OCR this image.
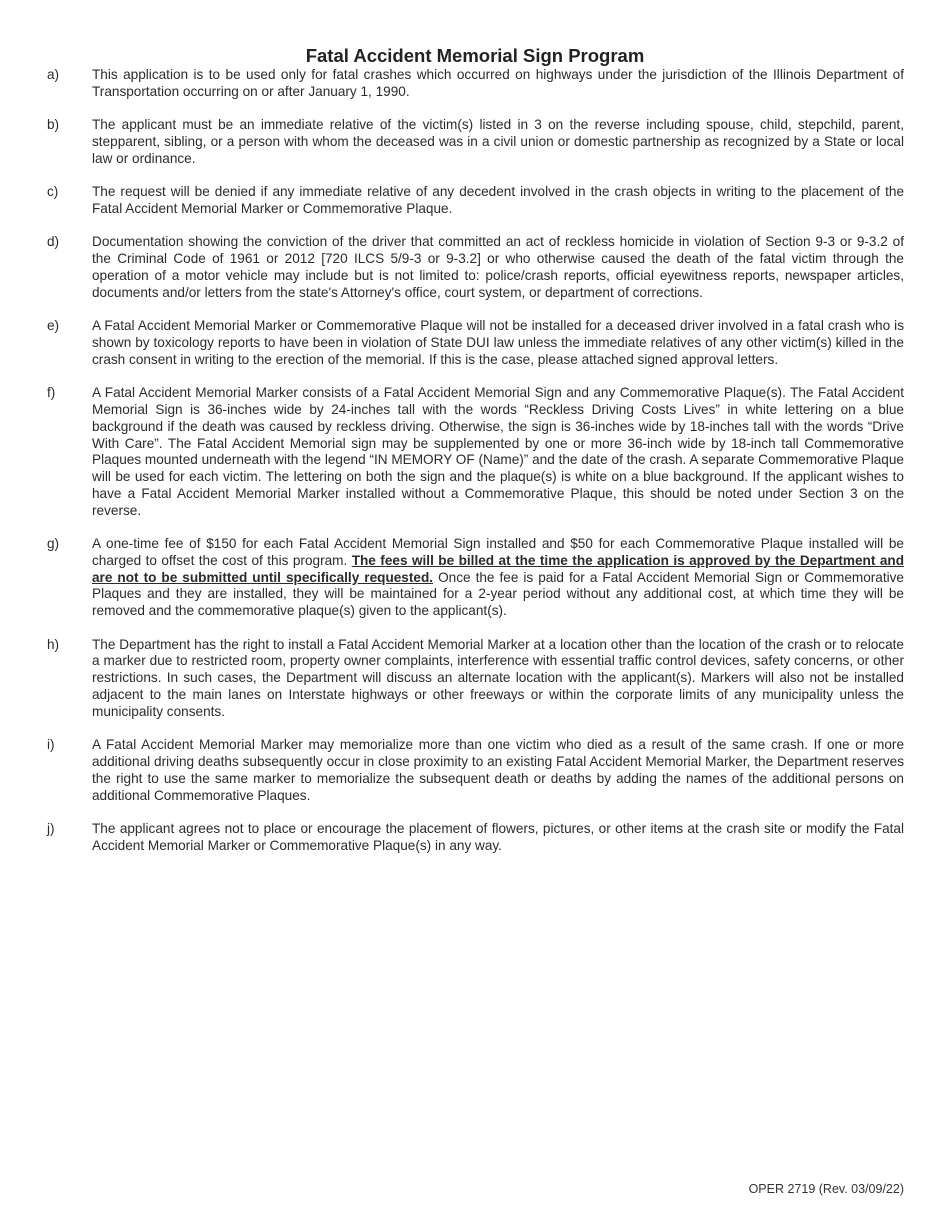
Fatal Accident Memorial Sign Program
a)	This application is to be used only for fatal crashes which occurred on highways under the jurisdiction of the Illinois Department of Transportation occurring on or after January 1, 1990.
b)	The applicant must be an immediate relative of the victim(s) listed in 3 on the reverse including spouse, child, stepchild, parent, stepparent, sibling, or a person with whom the deceased was in a civil union or domestic partnership as recognized by a State or local law or ordinance.
c)	The request will be denied if any immediate relative of any decedent involved in the crash objects in writing to the placement of the Fatal Accident Memorial Marker or Commemorative Plaque.
d)	Documentation showing the conviction of the driver that committed an act of reckless homicide in violation of Section 9-3 or 9-3.2 of the Criminal Code of 1961 or 2012 [720 ILCS 5/9-3 or 9-3.2] or who otherwise caused the death of the fatal victim through the operation of a motor vehicle may include but is not limited to: police/crash reports, official eyewitness reports, newspaper articles, documents and/or letters from the state's Attorney's office, court system, or department of corrections.
e)	A Fatal Accident Memorial Marker or Commemorative Plaque will not be installed for a deceased driver involved in a fatal crash who is shown by toxicology reports to have been in violation of State DUI law unless the immediate relatives of any other victim(s) killed in the crash consent in writing to the erection of the memorial. If this is the case, please attached signed approval letters.
f)	A Fatal Accident Memorial Marker consists of a Fatal Accident Memorial Sign and any Commemorative Plaque(s). The Fatal Accident Memorial Sign is 36-inches wide by 24-inches tall with the words “Reckless Driving Costs Lives” in white lettering on a blue background if the death was caused by reckless driving. Otherwise, the sign is 36-inches wide by 18-inches tall with the words “Drive With Care”. The Fatal Accident Memorial sign may be supplemented by one or more 36-inch wide by 18-inch tall Commemorative Plaques mounted underneath with the legend “IN MEMORY OF (Name)” and the date of the crash. A separate Commemorative Plaque will be used for each victim. The lettering on both the sign and the plaque(s) is white on a blue background. If the applicant wishes to have a Fatal Accident Memorial Marker installed without a Commemorative Plaque, this should be noted under Section 3 on the reverse.
g)	A one-time fee of $150 for each Fatal Accident Memorial Sign installed and $50 for each Commemorative Plaque installed will be charged to offset the cost of this program. The fees will be billed at the time the application is approved by the Department and are not to be submitted until specifically requested. Once the fee is paid for a Fatal Accident Memorial Sign or Commemorative Plaques and they are installed, they will be maintained for a 2-year period without any additional cost, at which time they will be removed and the commemorative plaque(s) given to the applicant(s).
h)	The Department has the right to install a Fatal Accident Memorial Marker at a location other than the location of the crash or to relocate a marker due to restricted room, property owner complaints, interference with essential traffic control devices, safety concerns, or other restrictions. In such cases, the Department will discuss an alternate location with the applicant(s). Markers will also not be installed adjacent to the main lanes on Interstate highways or other freeways or within the corporate limits of any municipality unless the municipality consents.
i)	A Fatal Accident Memorial Marker may memorialize more than one victim who died as a result of the same crash. If one or more additional driving deaths subsequently occur in close proximity to an existing Fatal Accident Memorial Marker, the Department reserves the right to use the same marker to memorialize the subsequent death or deaths by adding the names of the additional persons on additional Commemorative Plaques.
j)	The applicant agrees not to place or encourage the placement of flowers, pictures, or other items at the crash site or modify the Fatal Accident Memorial Marker or Commemorative Plaque(s) in any way.
OPER 2719 (Rev. 03/09/22)
